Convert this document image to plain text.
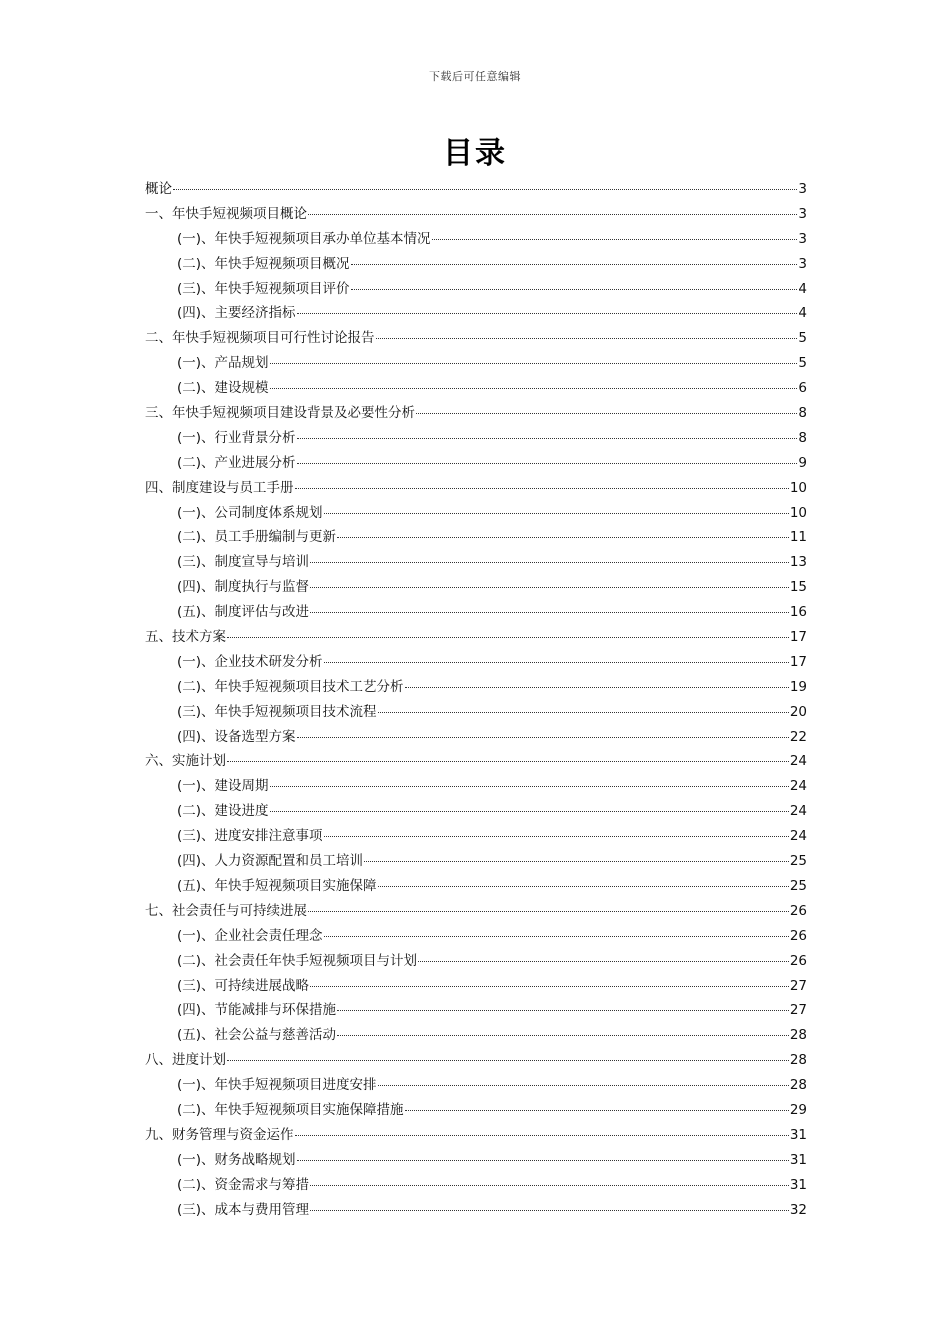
下载后可任意编辑
目录
概论	3
一、年快手短视频项目概论	3
(一)、年快手短视频项目承办单位基本情况	3
(二)、年快手短视频项目概况	3
(三)、年快手短视频项目评价	4
(四)、主要经济指标	4
二、年快手短视频项目可行性讨论报告	5
(一)、产品规划	5
(二)、建设规模	6
三、年快手短视频项目建设背景及必要性分析	8
(一)、行业背景分析	8
(二)、产业进展分析	9
四、制度建设与员工手册	10
(一)、公司制度体系规划	10
(二)、员工手册编制与更新	11
(三)、制度宣导与培训	13
(四)、制度执行与监督	15
(五)、制度评估与改进	16
五、技术方案	17
(一)、企业技术研发分析	17
(二)、年快手短视频项目技术工艺分析	19
(三)、年快手短视频项目技术流程	20
(四)、设备选型方案	22
六、实施计划	24
(一)、建设周期	24
(二)、建设进度	24
(三)、进度安排注意事项	24
(四)、人力资源配置和员工培训	25
(五)、年快手短视频项目实施保障	25
七、社会责任与可持续进展	26
(一)、企业社会责任理念	26
(二)、社会责任年快手短视频项目与计划	26
(三)、可持续进展战略	27
(四)、节能减排与环保措施	27
(五)、社会公益与慈善活动	28
八、进度计划	28
(一)、年快手短视频项目进度安排	28
(二)、年快手短视频项目实施保障措施	29
九、财务管理与资金运作	31
(一)、财务战略规划	31
(二)、资金需求与筹措	31
(三)、成本与费用管理	32
